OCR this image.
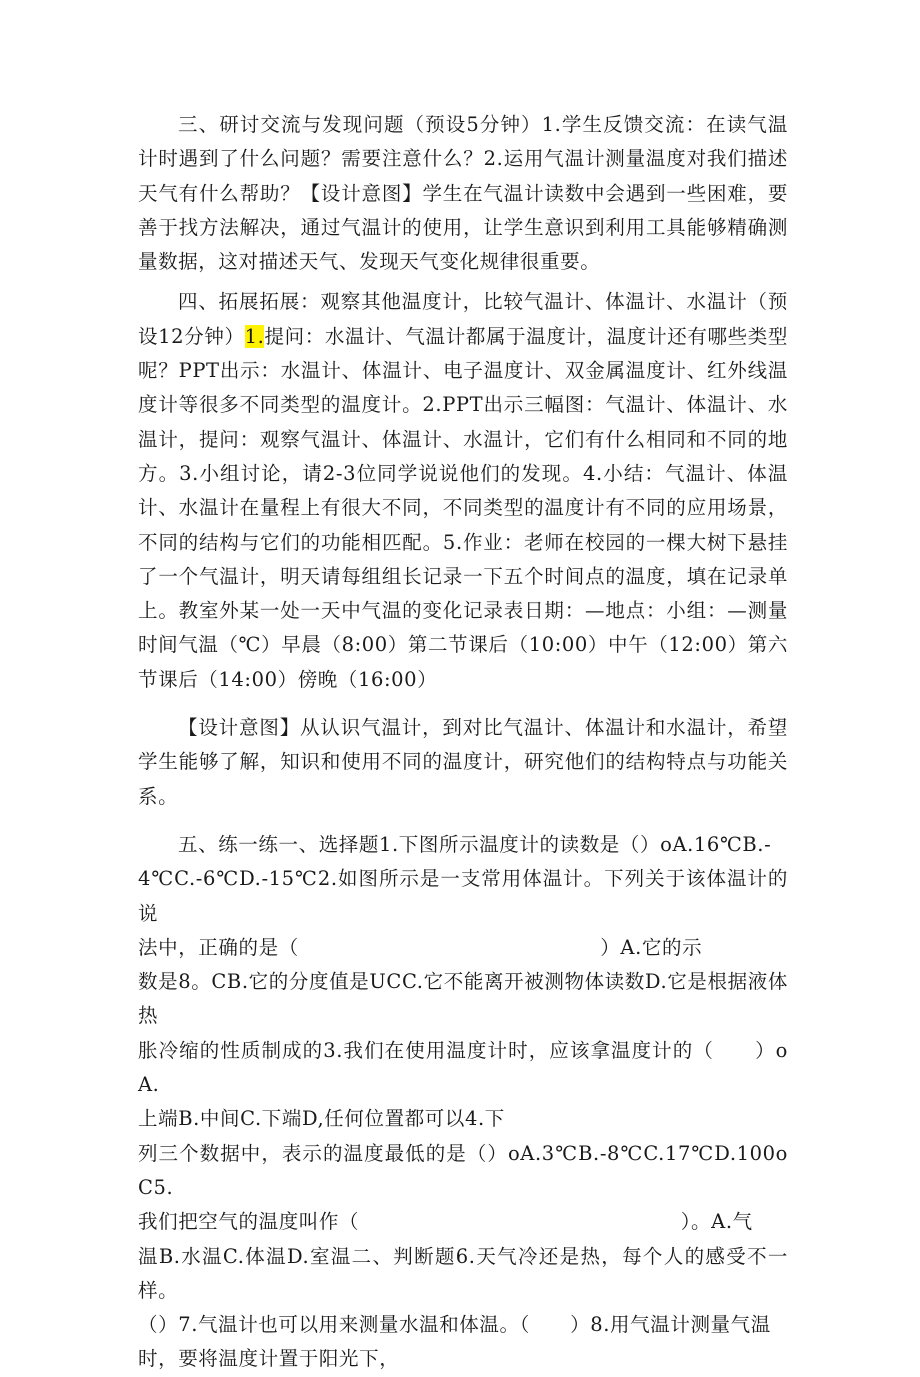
三、研讨交流与发现问题（预设5分钟）1.学生反馈交流：在读气温计时遇到了什么问题？需要注意什么？2.运用气温计测量温度对我们描述天气有什么帮助？【设计意图】学生在气温计读数中会遇到一些困难，要善于找方法解决，通过气温计的使用，让学生意识到利用工具能够精确测量数据，这对描述天气、发现天气变化规律很重要。

四、拓展拓展：观察其他温度计，比较气温计、体温计、水温计（预设12分钟）1.提问：水温计、气温计都属于温度计，温度计还有哪些类型呢？PPT出示：水温计、体温计、电子温度计、双金属温度计、红外线温度计等很多不同类型的温度计。2.PPT出示三幅图：气温计、体温计、水温计，提问：观察气温计、体温计、水温计，它们有什么相同和不同的地方。3.小组讨论，请2-3位同学说说他们的发现。4.小结：气温计、体温计、水温计在量程上有很大不同，不同类型的温度计有不同的应用场景，不同的结构与它们的功能相匹配。5.作业：老师在校园的一棵大树下悬挂了一个气温计，明天请每组组长记录一下五个时间点的温度，填在记录单上。教室外某一处一天中气温的变化记录表日期：—地点：小组：—测量时间气温（℃）早晨（8:00）第二节课后（10:00）中午（12:00）第六节课后（14:00）傍晚（16:00）

【设计意图】从认识气温计，到对比气温计、体温计和水温计，希望学生能够了解，知识和使用不同的温度计，研究他们的结构特点与功能关系。

五、练一练一、选择题1.下图所示温度计的读数是（）oA.16℃B.-
4℃C.-6℃D.-15℃2.如图所示是一支常用体温计。下列关于该体温计的说
法中，正确的是（　　　　　　　　　　　　　　　）A.它的示
数是8。CB.它的分度值是UCC.它不能离开被测物体读数D.它是根据液体热
胀冷缩的性质制成的3.我们在使用温度计时，应该拿温度计的（　　）oA.
上端B.中间C.下端D,任何位置都可以4.下
列三个数据中，表示的温度最低的是（）oA.3℃B.-8℃C.17℃D.100oC5.
我们把空气的温度叫作（　　　　　　　　　　　　　　　　）。A.气
温B.水温C.体温D.室温二、判断题6.天气冷还是热，每个人的感受不一样。
（）7.气温计也可以用来测量水温和体温。（　　）8.用气温计测量气温
时，要将温度计置于阳光下，
